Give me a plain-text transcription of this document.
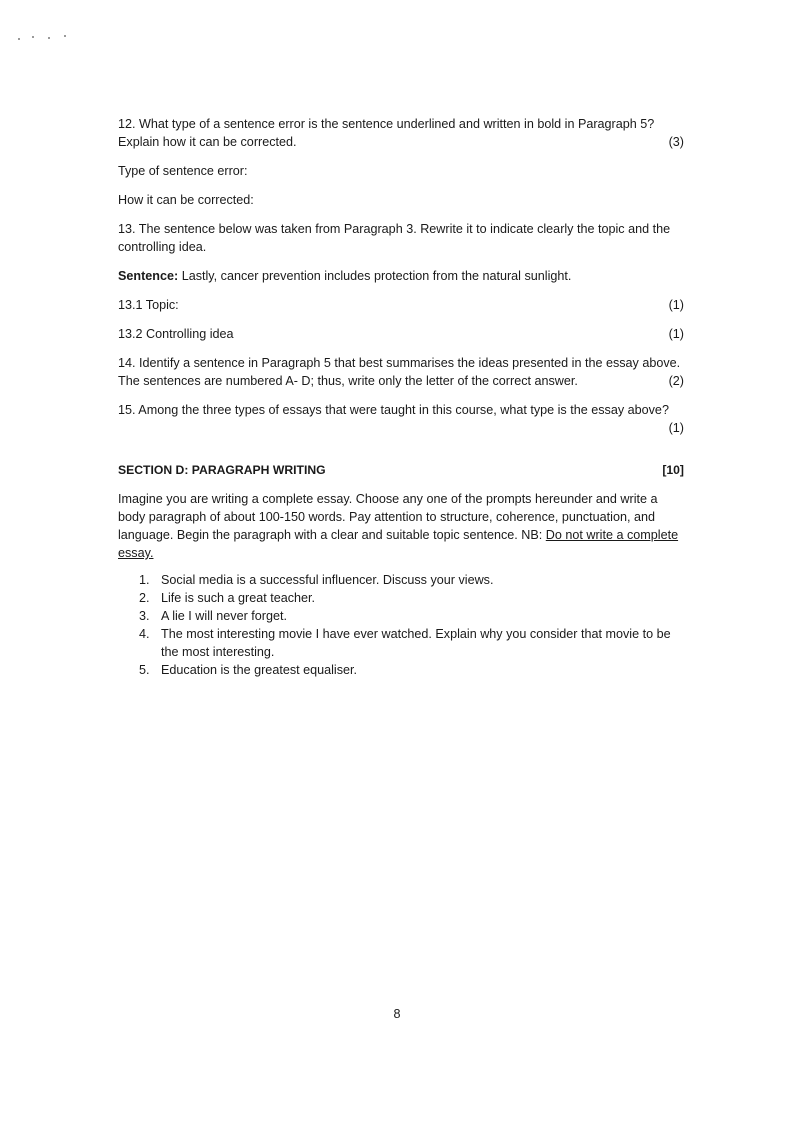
12. What type of a sentence error is the sentence underlined and written in bold in Paragraph 5?

Explain how it can be corrected.	(3)

Type of sentence error:

How it can be corrected:

13. The sentence below was taken from Paragraph 3. Rewrite it to indicate clearly the topic and the controlling idea.

Sentence: Lastly, cancer prevention includes protection from the natural sunlight.

13.1 Topic:	(1)
13.2 Controlling idea	(1)

14. Identify a sentence in Paragraph 5 that best summarises the ideas presented in the essay above.

The sentences are numbered A- D; thus, write only the letter of the correct answer.	(2)

15. Among the three types of essays that were taught in this course, what type is the essay above?

(1)

SECTION D: PARAGRAPH WRITING	[10]

Imagine you are writing a complete essay. Choose any one of the prompts hereunder and write a body paragraph of about 100-150 words. Pay attention to structure, coherence, punctuation, and language. Begin the paragraph with a clear and suitable topic sentence. NB: Do not write a complete essay.

1. Social media is a successful influencer. Discuss your views.
2. Life is such a great teacher.
3. A lie I will never forget.
4. The most interesting movie I have ever watched. Explain why you consider that movie to be the most interesting.
5. Education is the greatest equaliser.
8
